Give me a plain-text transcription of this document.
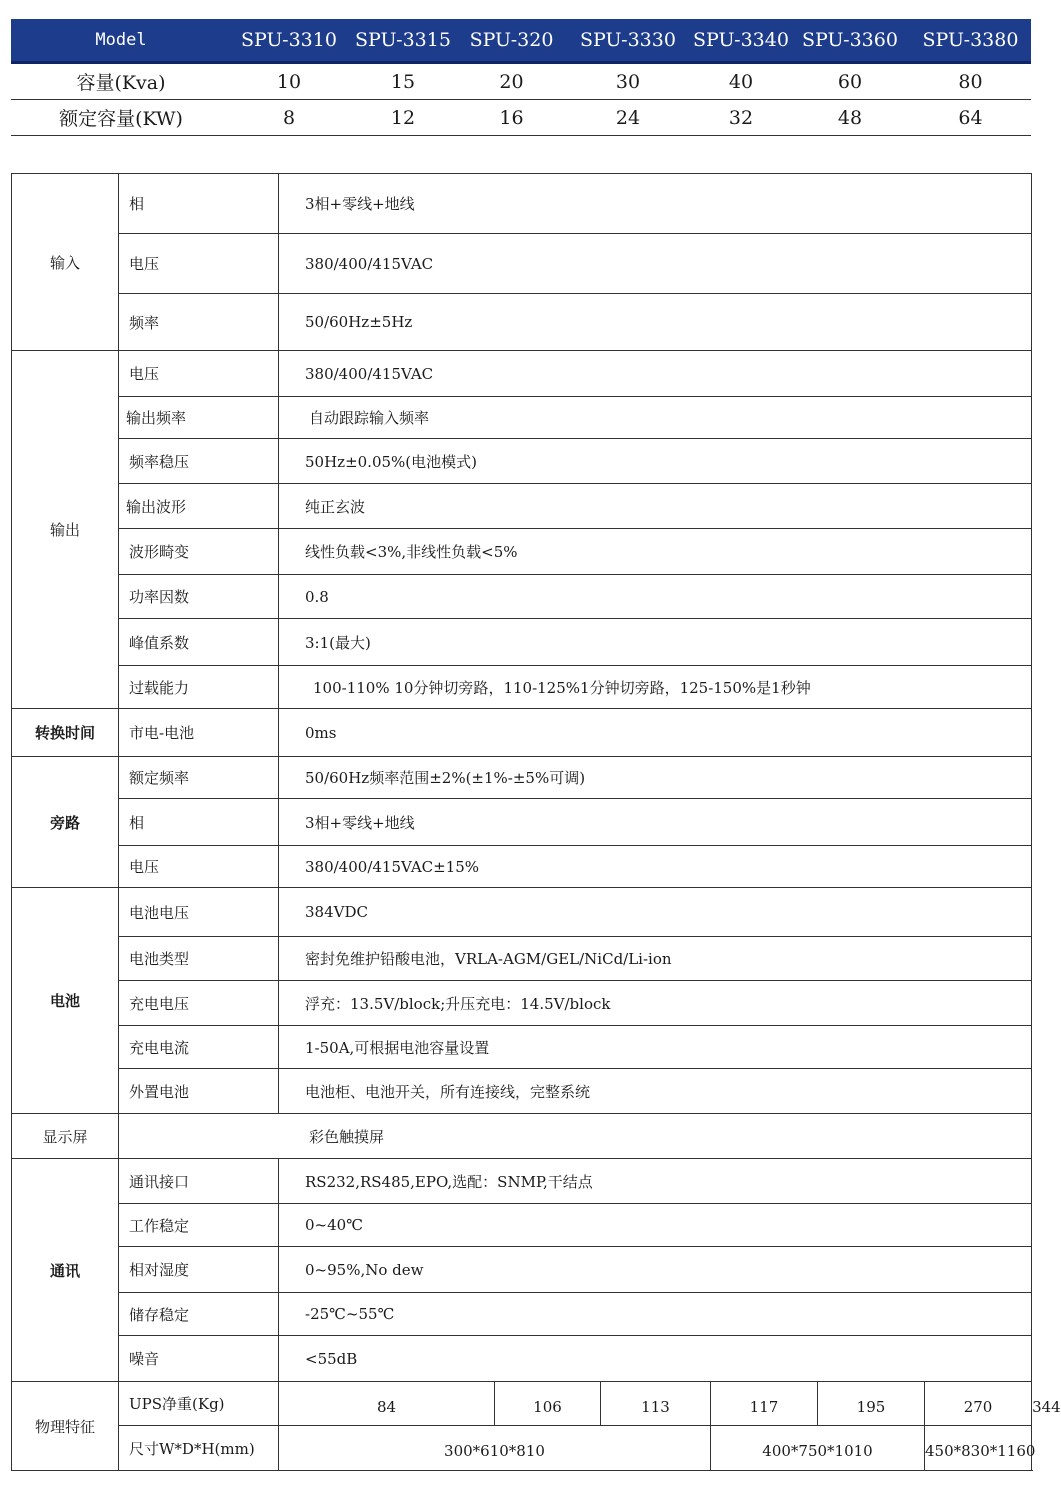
Model	SPU-3310	SPU-3315	SPU-320	SPU-3330	SPU-3340	SPU-3360	SPU-3380
容量(Kva)	10	15	20	30	40	60	80
额定容量(KW)	8	12	16	24	32	48	64
输入	相	3相+零线+地线						
	电压	380/400/415VAC						
	频率	50/60Hz±5Hz						
输出	电压	380/400/415VAC						
	输出频率	自动跟踪输入频率						
	频率稳压	50Hz±0.05%(电池模式)						
	输出波形	纯正玄波						
	波形畸变	线性负载<3%,非线性负载<5%						
	功率因数	0.8						
	峰值系数	3:1(最大)						
	过载能力	100-110% 10分钟切旁路，110-125%1分钟切旁路，125-150%是1秒钟						
转换时间	市电-电池	0ms						
旁路	额定频率	50/60Hz频率范围±2%(±1%-±5%可调)						
	相	3相+零线+地线						
	电压	380/400/415VAC±15%						
电池	电池电压	384VDC						
	电池类型	密封免维护铅酸电池，VRLA-AGM/GEL/NiCd/Li-ion						
	充电电压	浮充：13.5V/block;升压充电：14.5V/block						
	充电电流	1-50A,可根据电池容量设置						
	外置电池	电池柜、电池开关，所有连接线，完整系统						
显示屏	彩色触摸屏							
通讯	通讯接口	RS232,RS485,EPO,选配：SNMP,干结点						
	工作稳定	0~40℃						
	相对湿度	0~95%,No dew						
	储存稳定	-25℃~55℃						
	噪音	<55dB						
物理特征	UPS净重(Kg)	84	106	113	117	195	270	344
	尺寸W*D*H(mm)	300*610*810			400*750*1010		450*830*1160	
